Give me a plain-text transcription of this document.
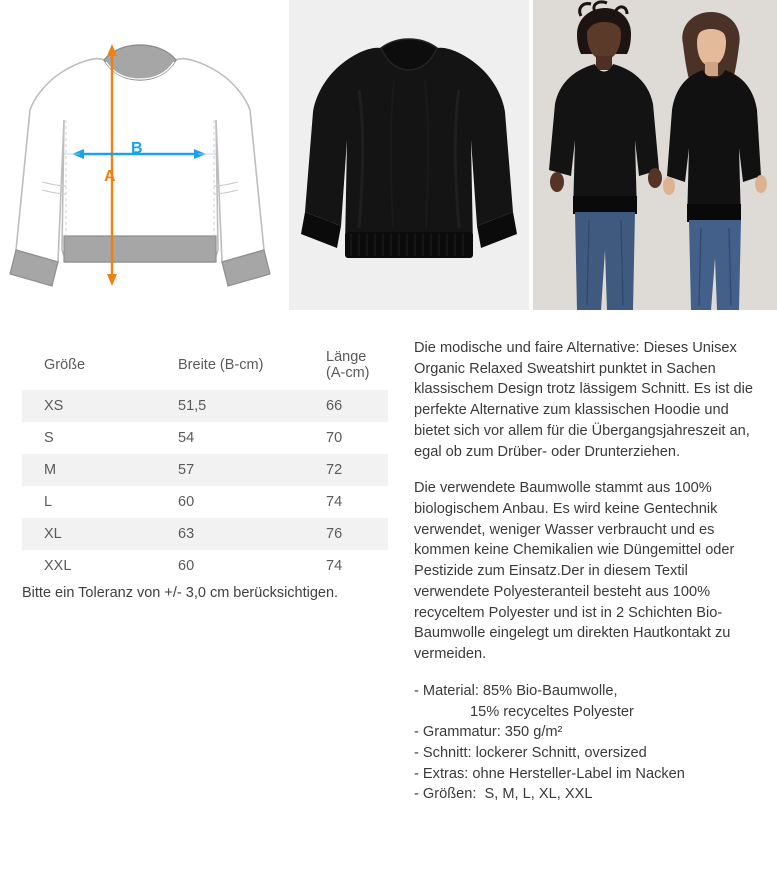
A
B
Größe	Breite (B-cm)	Länge (A-cm)
XS	51,5	66
S	54	70
M	57	72
L	60	74
XL	63	76
XXL	60	74
Bitte ein Toleranz von +/- 3,0 cm berücksichtigen.

Die modische und faire Alternative: Dieses Unisex Organic Relaxed Sweatshirt punktet in Sachen klassischem Design trotz lässigem Schnitt. Es ist die perfekte Alternative zum klassischen Hoodie und bietet sich vor allem für die Übergangsjahreszeit an, egal ob zum Drüber- oder Drunterziehen.

Die verwendete Baumwolle stammt aus 100% biologischem Anbau. Es wird keine Gentechnik verwendet, weniger Wasser verbraucht und es kommen keine Chemikalien wie Düngemittel oder Pestizide zum Einsatz.Der in diesem Textil verwendete Polyesteranteil besteht aus 100% recyceltem Polyester und ist in 2 Schichten Bio-Baumwolle eingelegt um direkten Hautkontakt zu vermeiden.

- Material: 85% Bio-Baumwolle,
15% recyceltes Polyester
- Grammatur: 350 g/m²
- Schnitt: lockerer Schnitt, oversized
- Extras: ohne Hersteller-Label im Nacken
- Größen:  S, M, L, XL, XXL
